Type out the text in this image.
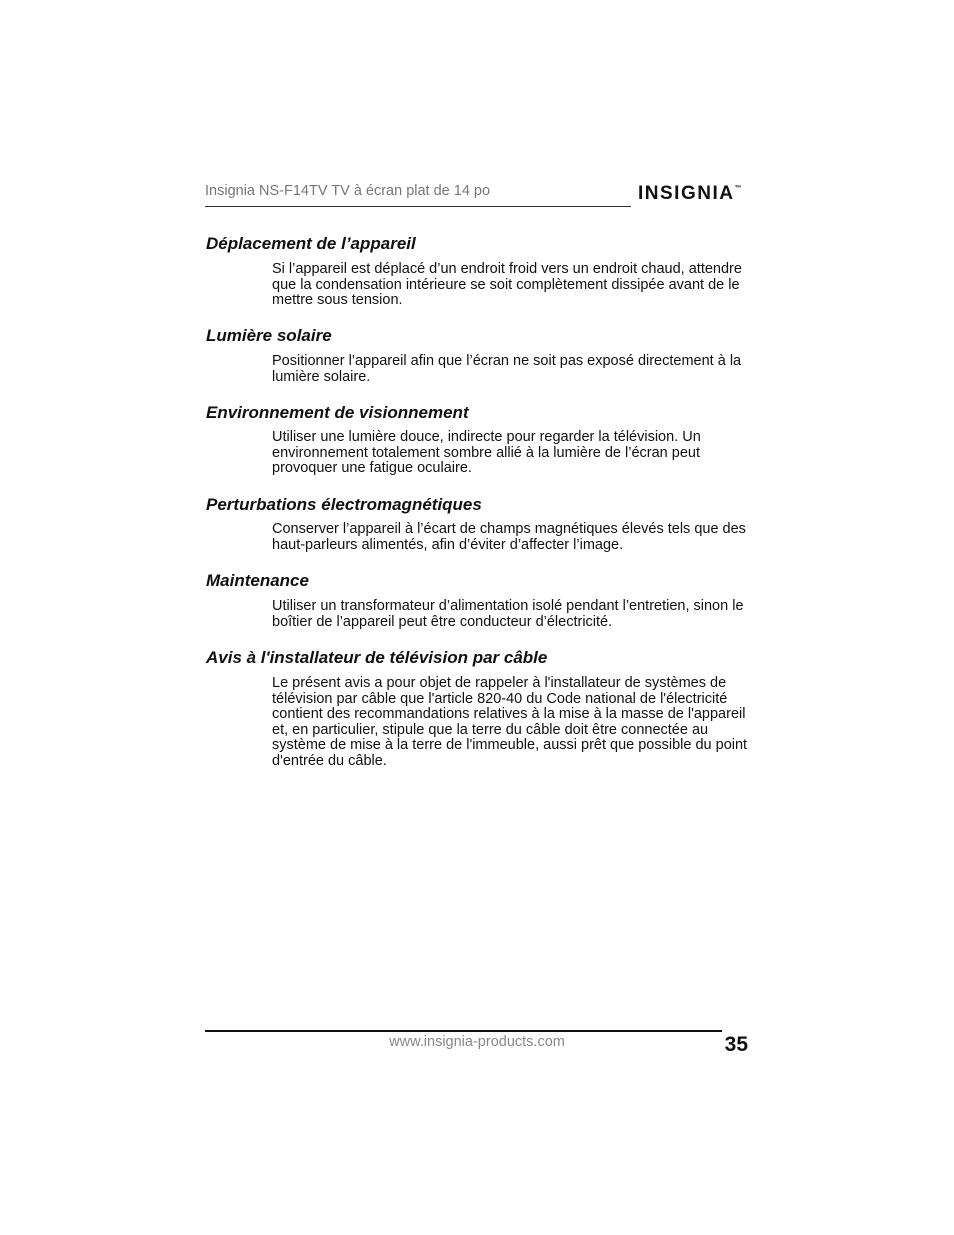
Insignia NS-F14TV TV à écran plat de 14 po	INSIGNIA™
Déplacement de l’appareil
Si l’appareil est déplacé d’un endroit froid vers un endroit chaud, attendre que la condensation intérieure se soit complètement dissipée avant de le mettre sous tension.
Lumière solaire
Positionner l’appareil afin que l’écran ne soit pas exposé directement à la lumière solaire.
Environnement de visionnement
Utiliser une lumière douce, indirecte pour regarder la télévision. Un environnement totalement sombre allié à la lumière de l’écran peut provoquer une fatigue oculaire.
Perturbations électromagnétiques
Conserver l’appareil à l’écart de champs magnétiques élevés tels que des haut-parleurs alimentés, afin d’éviter d’affecter l’image.
Maintenance
Utiliser un transformateur d’alimentation isolé pendant l’entretien, sinon le boîtier de l’appareil peut être conducteur d’électricité.
Avis à l'installateur de télévision par câble
Le présent avis a pour objet de rappeler à l'installateur de systèmes de télévision par câble que l'article 820-40 du Code national de l'électricité contient des recommandations relatives à la mise à la masse de l'appareil et, en particulier, stipule que la terre du câble doit être connectée au système de mise à la terre de l'immeuble, aussi prêt que possible du point d'entrée du câble.
www.insignia-products.com	35
